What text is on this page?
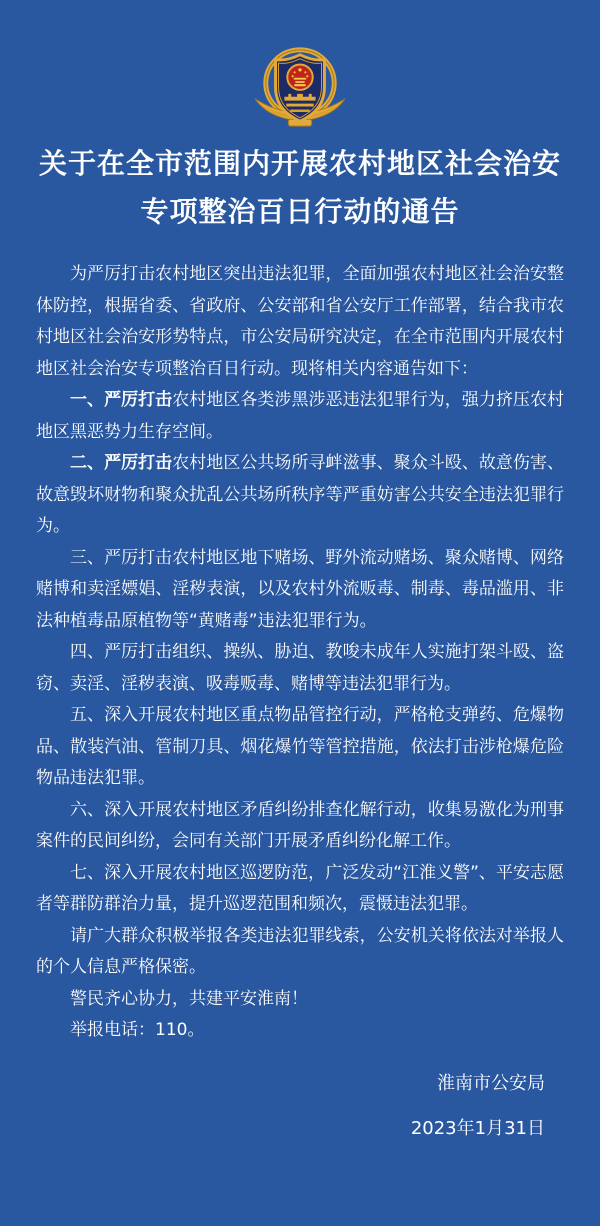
关于在全市范围内开展农村地区社会治安
专项整治百日行动的通告

为严厉打击农村地区突出违法犯罪，全面加强农村地区社会治安整体防控，根据省委、省政府、公安部和省公安厅工作部署，结合我市农村地区社会治安形势特点，市公安局研究决定，在全市范围内开展农村地区社会治安专项整治百日行动。现将相关内容通告如下：

一、严厉打击农村地区各类涉黑涉恶违法犯罪行为，强力挤压农村地区黑恶势力生存空间。

二、严厉打击农村地区公共场所寻衅滋事、聚众斗殴、故意伤害、故意毁坏财物和聚众扰乱公共场所秩序等严重妨害公共安全违法犯罪行为。

三、严厉打击农村地区地下赌场、野外流动赌场、聚众赌博、网络赌博和卖淫嫖娼、淫秽表演，以及农村外流贩毒、制毒、毒品滥用、非法种植毒品原植物等“黄赌毒”违法犯罪行为。

四、严厉打击组织、操纵、胁迫、教唆未成年人实施打架斗殴、盗窃、卖淫、淫秽表演、吸毒贩毒、赌博等违法犯罪行为。

五、深入开展农村地区重点物品管控行动，严格枪支弹药、危爆物品、散装汽油、管制刀具、烟花爆竹等管控措施，依法打击涉枪爆危险物品违法犯罪。

六、深入开展农村地区矛盾纠纷排查化解行动，收集易激化为刑事案件的民间纠纷，会同有关部门开展矛盾纠纷化解工作。

七、深入开展农村地区巡逻防范，广泛发动“江淮义警”、平安志愿者等群防群治力量，提升巡逻范围和频次，震慑违法犯罪。

请广大群众积极举报各类违法犯罪线索，公安机关将依法对举报人的个人信息严格保密。

警民齐心协力，共建平安淮南！

举报电话：110。

淮南市公安局
2023年1月31日
